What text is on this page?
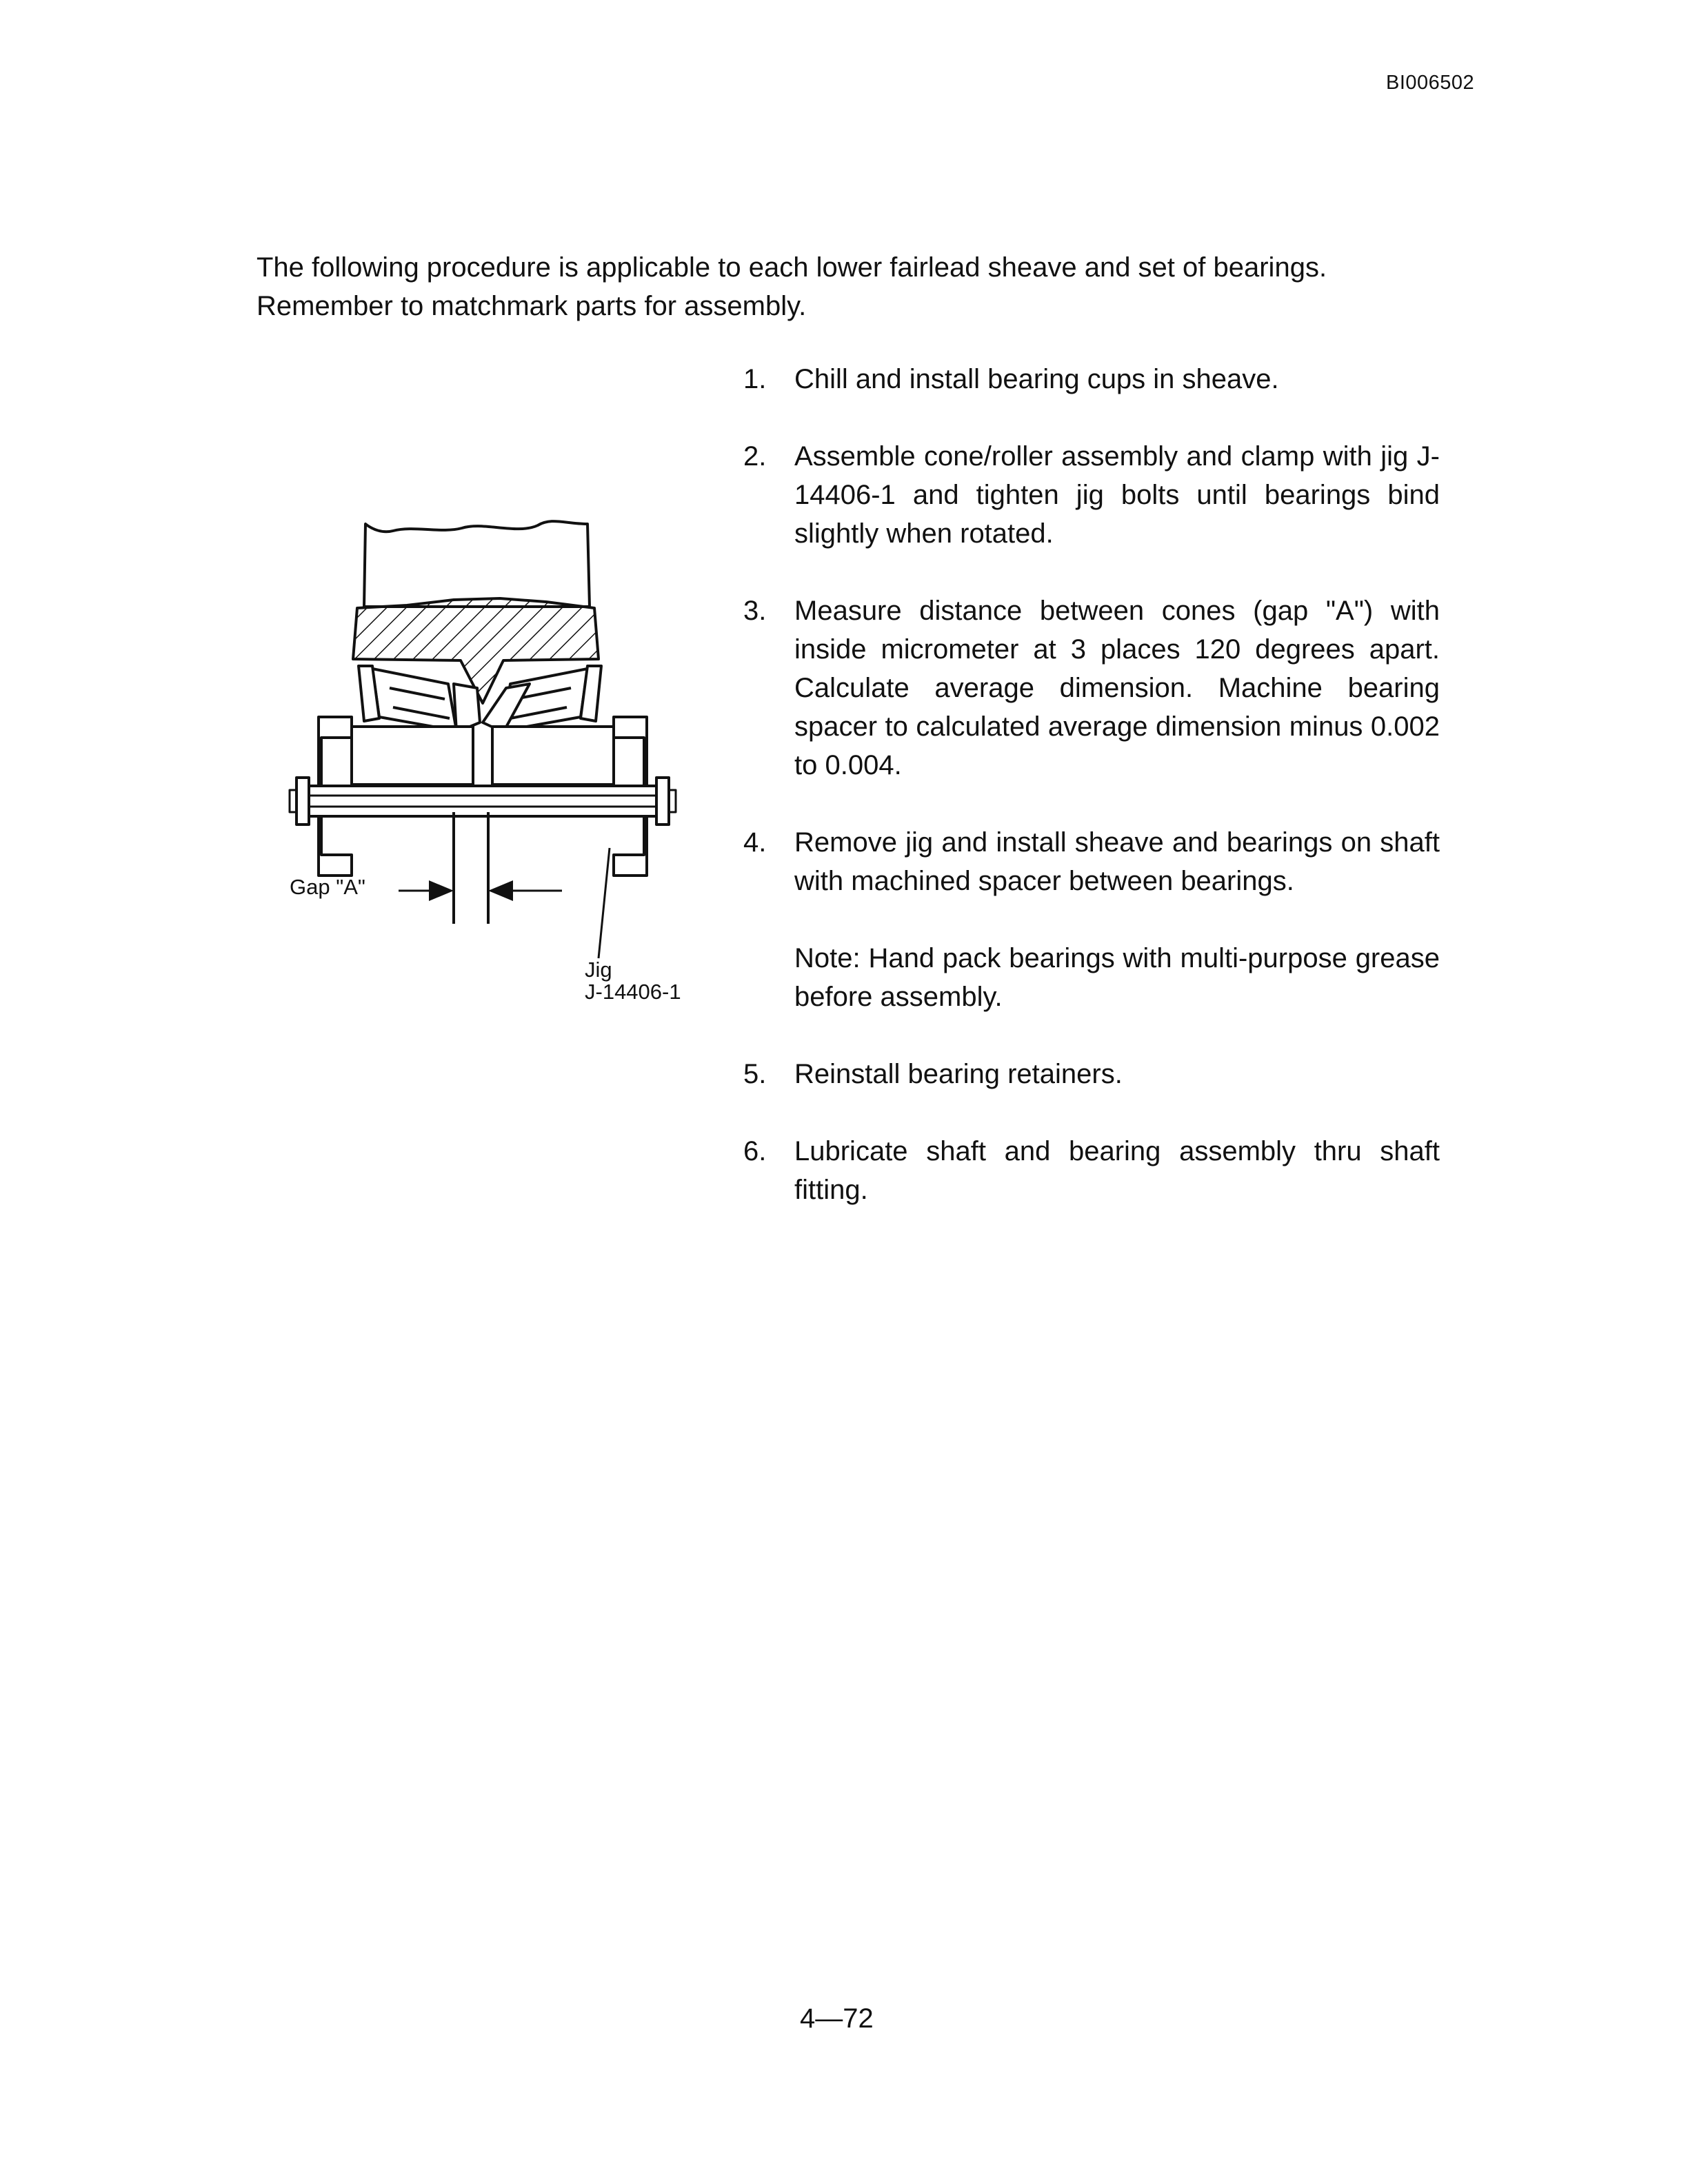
BI006502

The following procedure is applicable to each lower fairlead sheave and set of bearings.

Remember to matchmark parts for assembly.

Gap "A"
Jig
J-14406-1
1. Chill and install bearing cups in sheave.
2. Assemble cone/roller assembly and clamp with jig J-14406-1 and tighten jig bolts until bearings bind slightly when rotated.
3. Measure distance between cones (gap "A") with inside micrometer at 3 places 120 degrees apart. Calculate average dimension. Machine bearing spacer to calculated average dimension minus 0.002 to 0.004.
4. Remove jig and install sheave and bearings on shaft with machined spacer between bearings.
Note: Hand pack bearings with multi-purpose grease before assembly.
5. Reinstall bearing retainers.
6. Lubricate shaft and bearing assembly thru shaft fitting.
4—72
